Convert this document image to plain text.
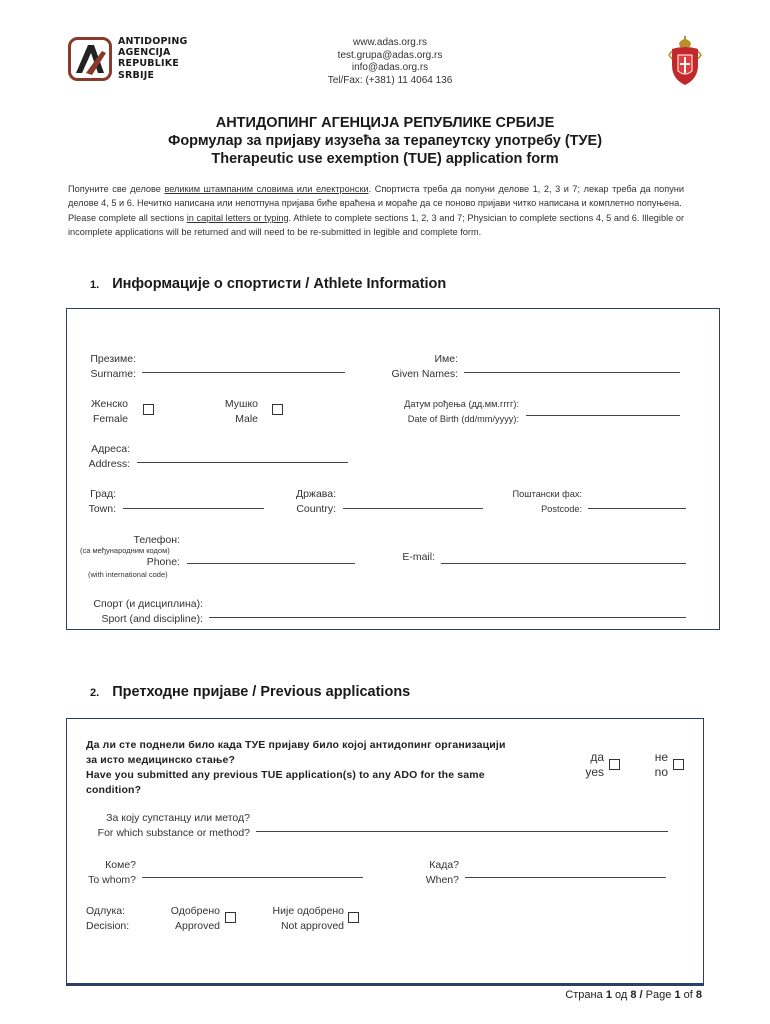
ANTIDOPING
AGENCIJA
REPUBLIKE
SRBIJE
www.adas.org.rs
test.grupa@adas.org.rs
info@adas.org.rs
Tel/Fax: (+381) 11 4064 136
АНТИДОПИНГ АГЕНЦИЈА РЕПУБЛИКЕ СРБИЈЕ
Формулар за пријаву изузећа за терапеутску употребу (ТУЕ)
Therapeutic use exemption (TUE) application form

Попуните све делове великим штампаним словима или електронски. Спортиста треба да попуни делове 1, 2, 3 и 7; лекар треба да попуни делове 4, 5 и 6. Нечитко написана или непотпуна пријава биће враћена и мораће да се поново пријави читко написана и комплетно попуњена.

Please complete all sections in capital letters or typing. Athlete to complete sections 1, 2, 3 and 7; Physician to complete sections 4, 5 and 6. Illegible or incomplete applications will be returned and will need to be re-submitted in legible and complete form.

1. Информације о спортисти / Athlete Information
Презиме:
Surname:
Име:
Given Names:
Женско
Female
Мушко
Male
Датум рођења (дд.мм.гггг):
Date of Birth (dd/mm/yyyy):
Адреса:
Address:
Град:
Town:
Држава:
Country:
Поштански фах:
Postcode:
Телефон:
(са међународним кодом)
Phone:
(with international code)
E-mail:
Спорт (и дисциплина):
Sport (and discipline):
2. Претходне пријаве / Previous applications
Да ли сте поднели било када ТУЕ пријаву било којој антидопинг организацији
за исто медицинско стање?
Have you submitted any previous TUE application(s) to any ADO for the same
condition?
да
yes
не
no
За коју супстанцу или метод?
For which substance or method?
Коме?
To whom?
Када?
When?
Одлука:
Decision:
Одобрено
Approved
Није одобрено
Not approved
Страна 1 од 8 / Page 1 of 8
